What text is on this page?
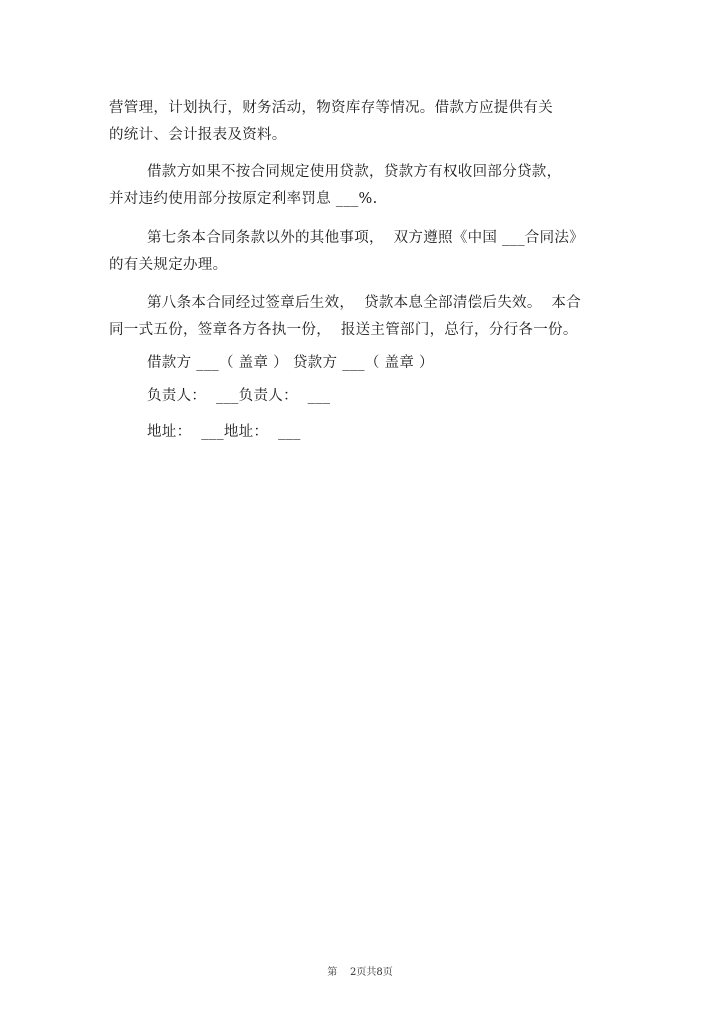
营管理，计划执行，财务活动，物资库存等情况。借款方应提供有关
的统计、会计报表及资料。
借款方如果不按合同规定使用贷款，贷款方有权收回部分贷款，
并对违约使用部分按原定利率罚息 ___%.
第七条本合同条款以外的其他事项，  双方遵照《中国 ___合同法》
的有关规定办理。
第八条本合同经过签章后生效，  贷款本息全部清偿后失效。  本合
同一式五份，签章各方各执一份，  报送主管部门，总行，分行各一份。
借款方 ___（ 盖章 ） 贷款方 ___（ 盖章 ）
负责人：  ___负责人：  ___
地址：  ___地址：  ___
第    2页共8页
